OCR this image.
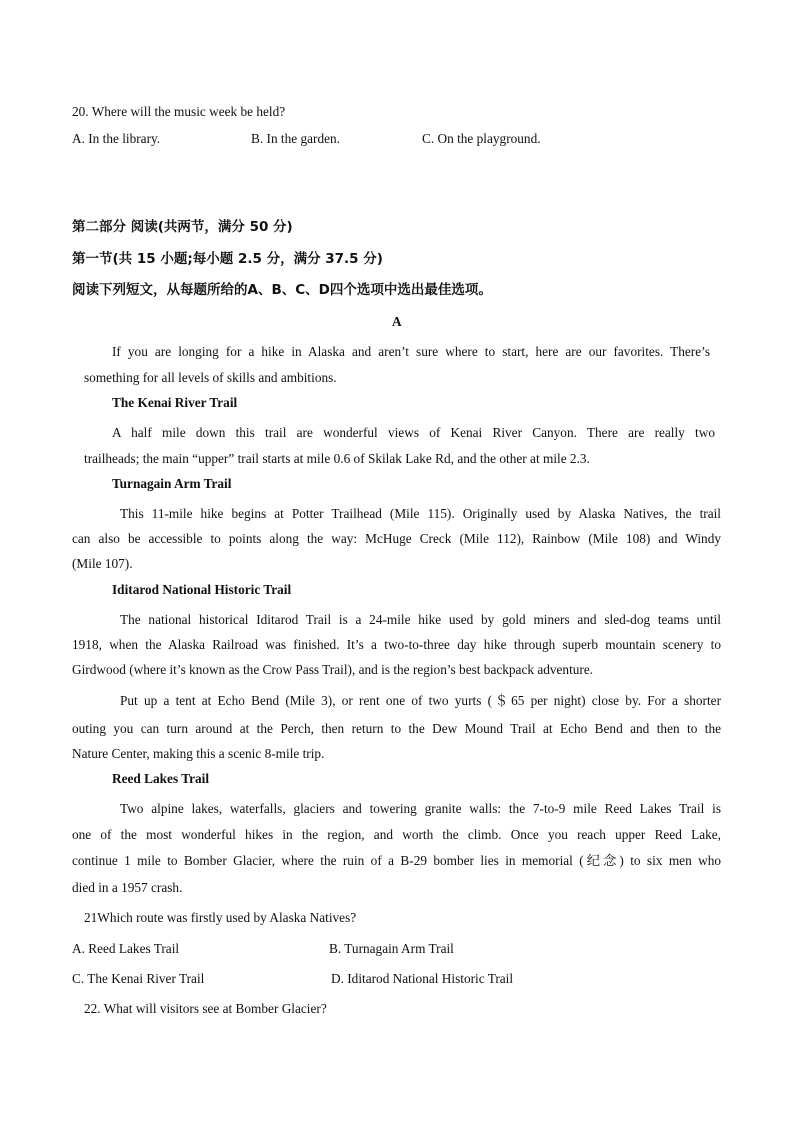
20. Where will the music week be held?
A. In the library.	B. In the garden.	C. On the playground.
第二部分 阅读(共两节，满分 50 分)
第一节(共 15 小题;每小题 2.5 分，满分 37.5 分)
阅读下列短文，从每题所给的A、B、C、D四个选项中选出最佳选项。
A
If you are longing for a hike in Alaska and aren’t sure where to start, here are our favorites. There’s
something for all levels of skills and ambitions.
The Kenai River Trail
A half mile down this trail are wonderful views of Kenai River Canyon. There are really two
trailheads; the main “upper” trail starts at mile 0.6 of Skilak Lake Rd, and the other at mile 2.3.
Turnagain Arm Trail
This 11-mile hike begins at Potter Trailhead (Mile 115). Originally used by Alaska Natives, the trail
can also be accessible to points along the way: McHuge Creck (Mile 112), Rainbow (Mile 108) and Windy
(Mile 107).
Iditarod National Historic Trail
The national historical Iditarod Trail is a 24-mile hike used by gold miners and sled-dog teams until
1918, when the Alaska Railroad was finished. It’s a two-to-three day hike through superb mountain scenery to
Girdwood (where it’s known as the Crow Pass Trail), and is the region’s best backpack adventure.
Put up a tent at Echo Bend (Mile 3), or rent one of two yurts (＄65 per night) close by. For a shorter
outing you can turn around at the Perch, then return to the Dew Mound Trail at Echo Bend and then to the
Nature Center, making this a scenic 8-mile trip.
Reed Lakes Trail
Two alpine lakes, waterfalls, glaciers and towering granite walls: the 7-to-9 mile Reed Lakes Trail is
one of the most wonderful hikes in the region, and worth the climb. Once you reach upper Reed Lake,
continue 1 mile to Bomber Glacier, where the ruin of a B-29 bomber lies in memorial (纪念) to six men who
died in a 1957 crash.
21Which route was firstly used by Alaska Natives?
A. Reed Lakes Trail	B. Turnagain Arm Trail
C. The Kenai River Trail	D. Iditarod National Historic Trail
22. What will visitors see at Bomber Glacier?
